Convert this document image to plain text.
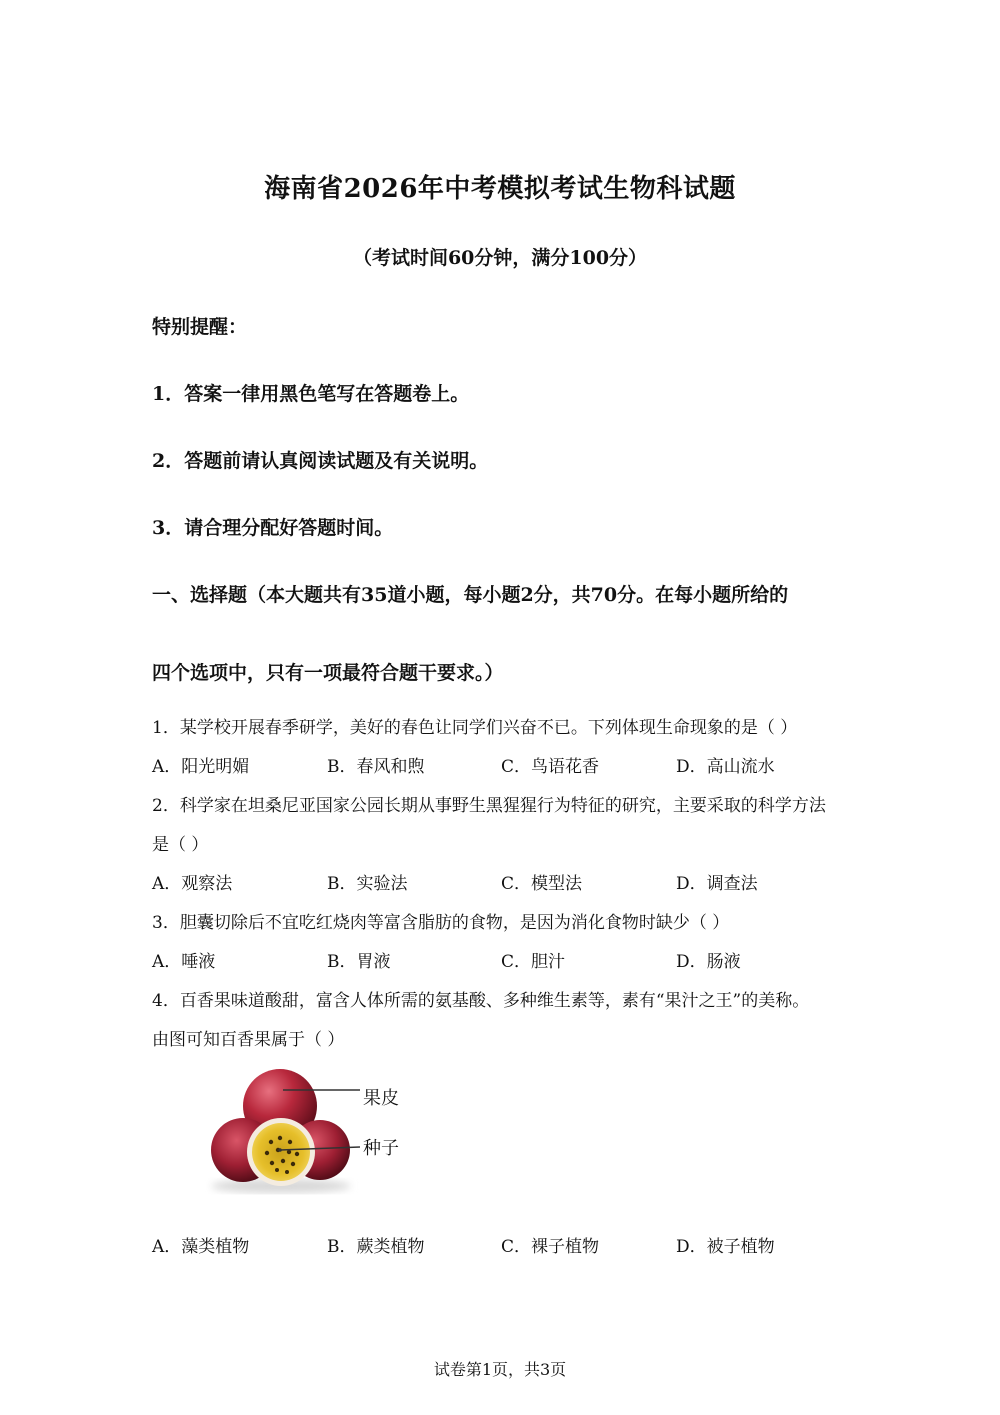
海南省2026年中考模拟考试生物科试题
（考试时间60分钟，满分100分）
特别提醒：
1．答案一律用黑色笔写在答题卷上。
2．答题前请认真阅读试题及有关说明。
3．请合理分配好答题时间。
一、选择题（本大题共有35道小题，每小题2分，共70分。在每小题所给的
四个选项中，只有一项最符合题干要求。）
1．某学校开展春季研学，美好的春色让同学们兴奋不已。下列体现生命现象的是（ ）
A．阳光明媚	B．春风和煦	C．鸟语花香	D．高山流水
2．科学家在坦桑尼亚国家公园长期从事野生黑猩猩行为特征的研究，主要采取的科学方法
是（ ）
A．观察法	B．实验法	C．模型法	D．调查法
3．胆囊切除后不宜吃红烧肉等富含脂肪的食物，是因为消化食物时缺少（ ）
A．唾液	B．胃液	C．胆汁	D．肠液
4．百香果味道酸甜，富含人体所需的氨基酸、多种维生素等，素有“果汁之王”的美称。
由图可知百香果属于（ ）
果皮
种子
A．藻类植物	B．蕨类植物	C．裸子植物	D．被子植物
试卷第1页，共3页
